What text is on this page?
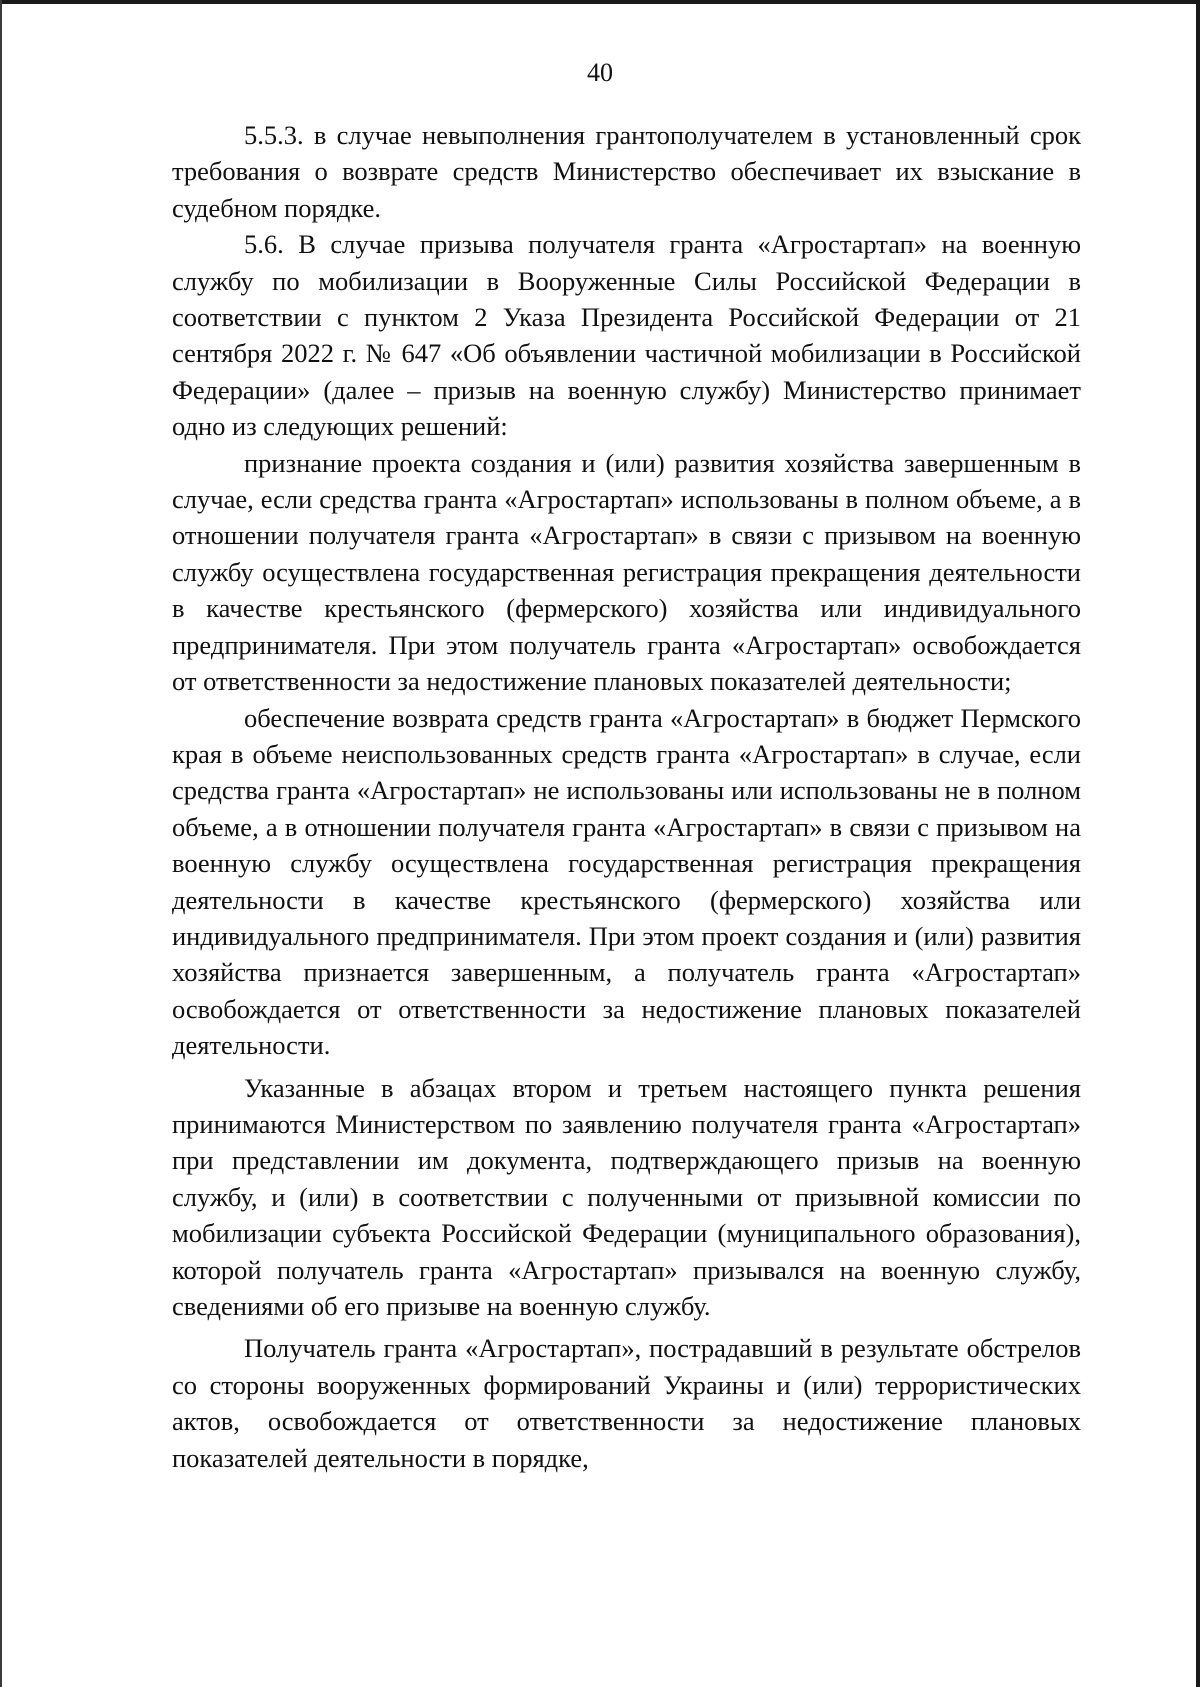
40

5.5.3. в случае невыполнения грантополучателем в установленный срок требования о возврате средств Министерство обеспечивает их взыскание в судебном порядке.

5.6. В случае призыва получателя гранта «Агростартап» на военную службу по мобилизации в Вооруженные Силы Российской Федерации в соответствии с пунктом 2 Указа Президента Российской Федерации от 21 сентября 2022 г. № 647 «Об объявлении частичной мобилизации в Российской Федерации» (далее – призыв на военную службу) Министерство принимает одно из следующих решений:

признание проекта создания и (или) развития хозяйства завершенным в случае, если средства гранта «Агростартап» использованы в полном объеме, а в отношении получателя гранта «Агростартап» в связи с призывом на военную службу осуществлена государственная регистрация прекращения деятельности в качестве крестьянского (фермерского) хозяйства или индивидуального предпринимателя. При этом получатель гранта «Агростартап» освобождается от ответственности за недостижение плановых показателей деятельности;

обеспечение возврата средств гранта «Агростартап» в бюджет Пермского края в объеме неиспользованных средств гранта «Агростартап» в случае, если средства гранта «Агростартап» не использованы или использованы не в полном объеме, а в отношении получателя гранта «Агростартап» в связи с призывом на военную службу осуществлена государственная регистрация прекращения деятельности в качестве крестьянского (фермерского) хозяйства или индивидуального предпринимателя. При этом проект создания и (или) развития хозяйства признается завершенным, а получатель гранта «Агростартап» освобождается от ответственности за недостижение плановых показателей деятельности.

Указанные в абзацах втором и третьем настоящего пункта решения принимаются Министерством по заявлению получателя гранта «Агростартап» при представлении им документа, подтверждающего призыв на военную службу, и (или) в соответствии с полученными от призывной комиссии по мобилизации субъекта Российской Федерации (муниципального образования), которой получатель гранта «Агростартап» призывался на военную службу, сведениями об его призыве на военную службу.

Получатель гранта «Агростартап», пострадавший в результате обстрелов со стороны вооруженных формирований Украины и (или) террористических актов, освобождается от ответственности за недостижение плановых показателей деятельности в порядке,
